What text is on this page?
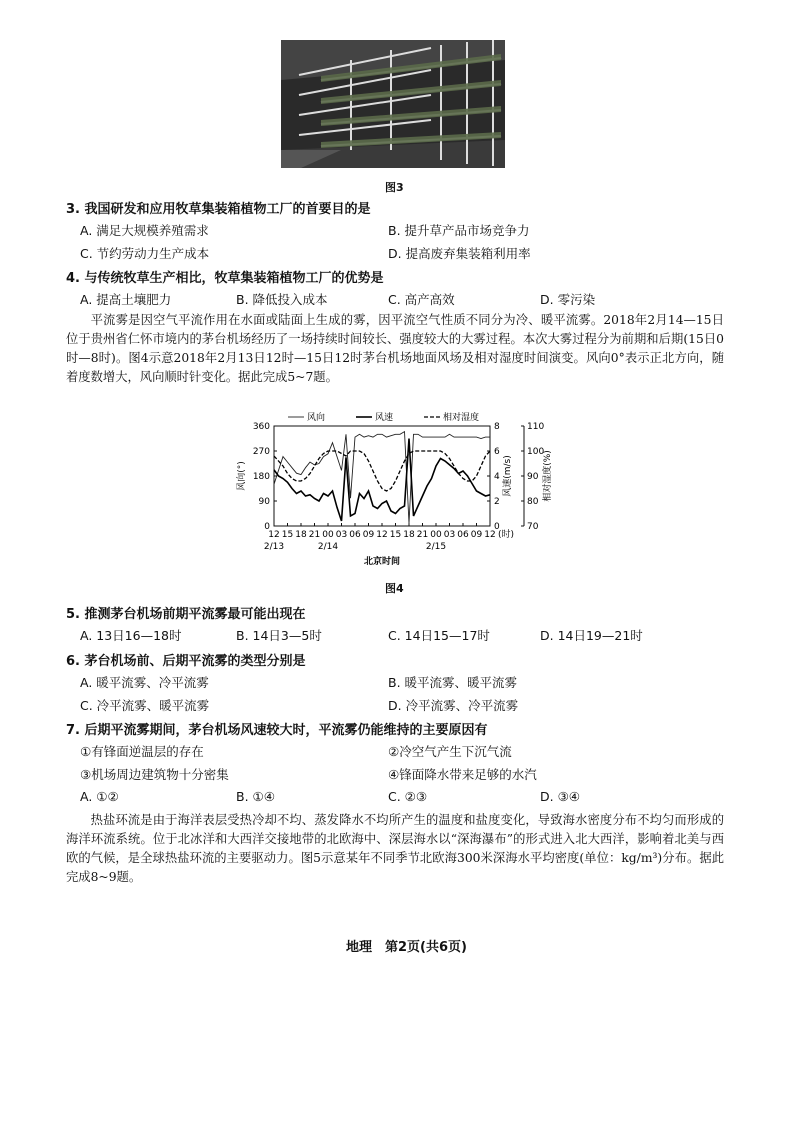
图3
3. 我国研发和应用牧草集装箱植物工厂的首要目的是
A. 满足大规模养殖需求	B. 提升草产品市场竞争力
C. 节约劳动力生产成本	D. 提高废弃集装箱利用率
4. 与传统牧草生产相比，牧草集装箱植物工厂的优势是
A. 提高土壤肥力	B. 降低投入成本	C. 高产高效	D. 零污染
平流雾是因空气平流作用在水面或陆面上生成的雾，因平流空气性质不同分为冷、暖平流雾。2018年2月14—15日位于贵州省仁怀市境内的茅台机场经历了一场持续时间较长、强度较大的大雾过程。本次大雾过程分为前期和后期(15日0时—8时)。图4示意2018年2月13日12时—15日12时茅台机场地面风场及相对湿度时间演变。风向0°表示正北方向，随着度数增大，风向顺时针变化。据此完成5~7题。
风向	风速	相对湿度
0
90
180
270
360
0
2
4
6
8
70
80
90
100
110
风向(°)	风速(m/s)	相对湿度(%)
12 15 18 21 00 03 06 09 12 15 18 21 00 03 06 09 12 (时)
2/13	2/14	2/15
北京时间
图4
5. 推测茅台机场前期平流雾最可能出现在
A. 13日16—18时	B. 14日3—5时	C. 14日15—17时	D. 14日19—21时
6. 茅台机场前、后期平流雾的类型分别是
A. 暖平流雾、冷平流雾	B. 暖平流雾、暖平流雾
C. 冷平流雾、暖平流雾	D. 冷平流雾、冷平流雾
7. 后期平流雾期间，茅台机场风速较大时，平流雾仍能维持的主要原因有
①有锋面逆温层的存在	②冷空气产生下沉气流
③机场周边建筑物十分密集	④锋面降水带来足够的水汽
A. ①②	B. ①④	C. ②③	D. ③④
热盐环流是由于海洋表层受热冷却不均、蒸发降水不均所产生的温度和盐度变化，导致海水密度分布不均匀而形成的海洋环流系统。位于北冰洋和大西洋交接地带的北欧海中、深层海水以“深海瀑布”的形式进入北大西洋，影响着北美与西欧的气候，是全球热盐环流的主要驱动力。图5示意某年不同季节北欧海300米深海水平均密度(单位：kg/m³)分布。据此完成8~9题。
地理　第2页(共6页)
